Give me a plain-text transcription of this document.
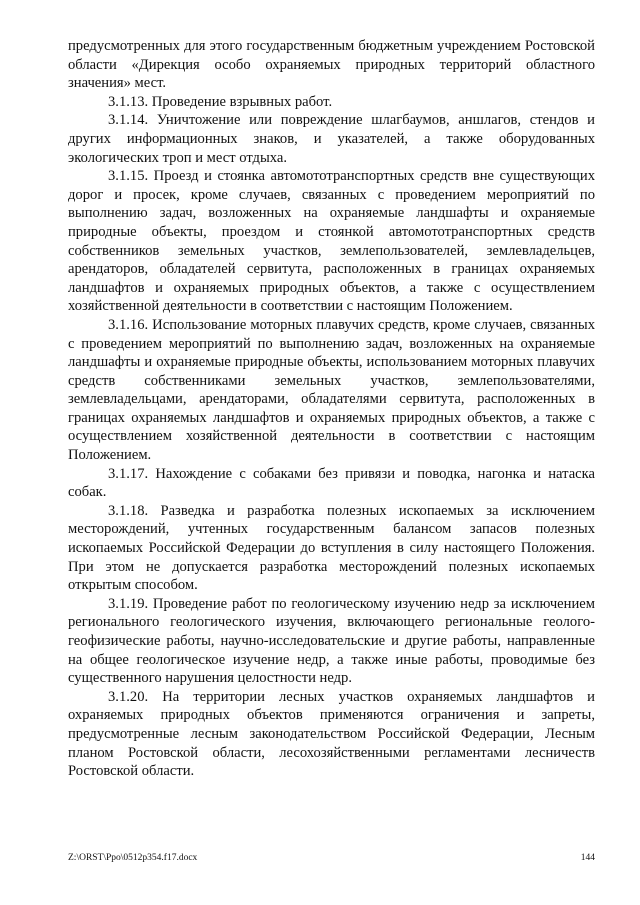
предусмотренных для этого государственным бюджетным учреждением Ростовской области «Дирекция особо охраняемых природных территорий областного значения» мест.

3.1.13. Проведение взрывных работ.

3.1.14. Уничтожение или повреждение шлагбаумов, аншлагов, стендов и других информационных знаков, и указателей, а также оборудованных экологических троп и мест отдыха.

3.1.15. Проезд и стоянка автомототранспортных средств вне существующих дорог и просек, кроме случаев, связанных с проведением мероприятий по выполнению задач, возложенных на охраняемые ландшафты и охраняемые природные объекты, проездом и стоянкой автомототранспортных средств собственников земельных участков, землепользователей, землевладельцев, арендаторов, обладателей сервитута, расположенных в границах охраняемых ландшафтов и охраняемых природных объектов, а также с осуществлением хозяйственной деятельности в соответствии с настоящим Положением.

3.1.16. Использование моторных плавучих средств, кроме случаев, связанных с проведением мероприятий по выполнению задач, возложенных на охраняемые ландшафты и охраняемые природные объекты, использованием моторных плавучих средств собственниками земельных участков, землепользователями, землевладельцами, арендаторами, обладателями сервитута, расположенных в границах охраняемых ландшафтов и охраняемых природных объектов, а также с осуществлением хозяйственной деятельности в соответствии с настоящим Положением.

3.1.17. Нахождение с собаками без привязи и поводка, нагонка и натаска собак.

3.1.18. Разведка и разработка полезных ископаемых за исключением месторождений, учтенных государственным балансом запасов полезных ископаемых Российской Федерации до вступления в силу настоящего Положения. При этом не допускается разработка месторождений полезных ископаемых открытым способом.

3.1.19. Проведение работ по геологическому изучению недр за исключением регионального геологического изучения, включающего региональные геолого-геофизические работы, научно-исследовательские и другие работы, направленные на общее геологическое изучение недр, а также иные работы, проводимые без существенного нарушения целостности недр.

3.1.20. На территории лесных участков охраняемых ландшафтов и охраняемых природных объектов применяются ограничения и запреты, предусмотренные лесным законодательством Российской Федерации, Лесным планом Ростовской области, лесохозяйственными регламентами лесничеств Ростовской области.

Z:\ORST\Ppo\0512p354.f17.docx	144
